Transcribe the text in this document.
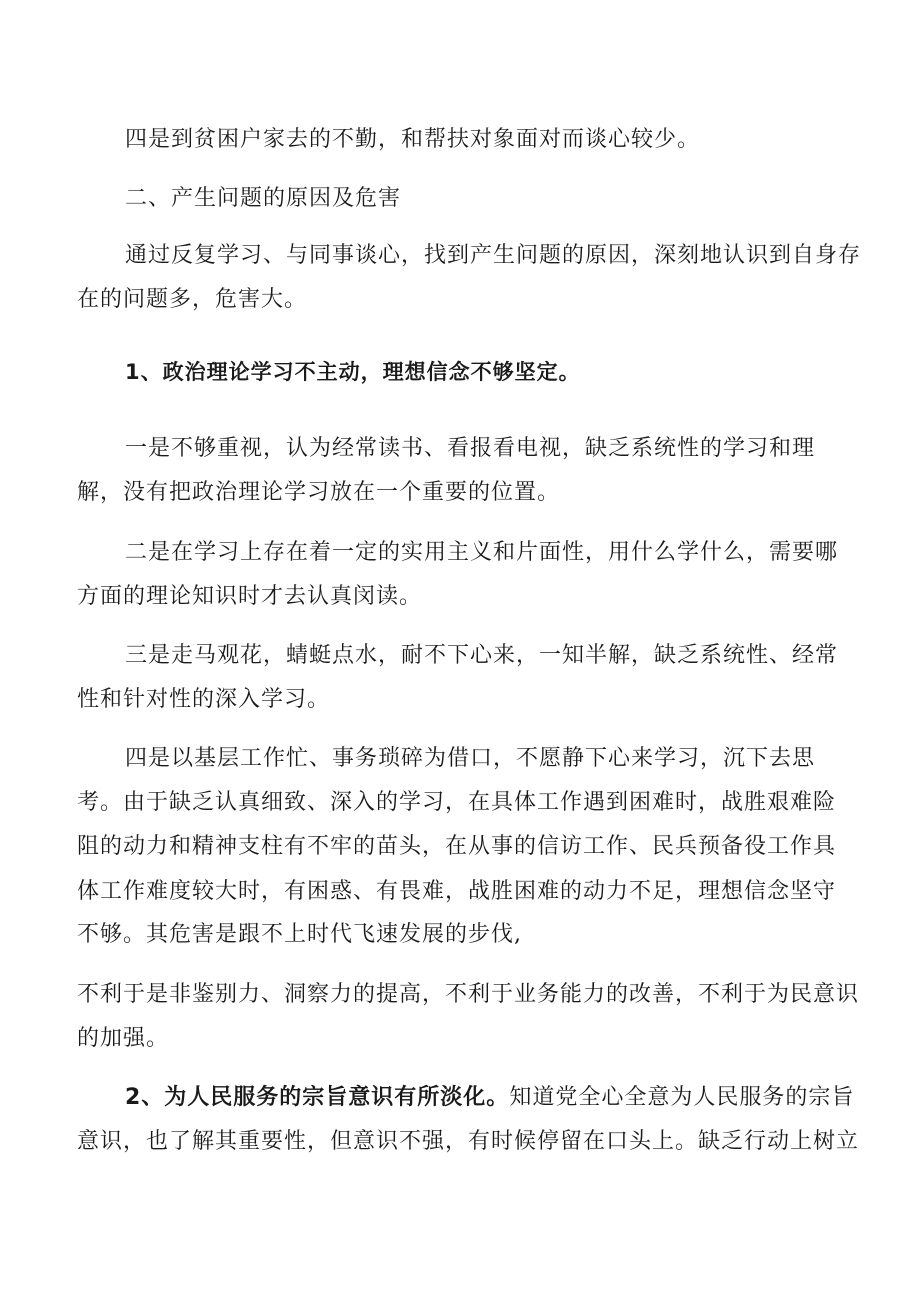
四是到贫困户家去的不勤，和帮扶对象面对而谈心较少。
二、产生问题的原因及危害
通过反复学习、与同事谈心，找到产生问题的原因，深刻地认识到自身存
在的问题多，危害大。
1、政治理论学习不主动，理想信念不够坚定。
一是不够重视，认为经常读书、看报看电视，缺乏系统性的学习和理
解，没有把政治理论学习放在一个重要的位置。
二是在学习上存在着一定的实用主义和片面性，用什么学什么，需要哪
方面的理论知识时才去认真闵读。
三是走马观花，蜻蜓点水，耐不下心来，一知半解，缺乏系统性、经常
性和针对性的深入学习。
四是以基层工作忙、事务琐碎为借口，不愿静下心来学习，沉下去思
考。由于缺乏认真细致、深入的学习，在具体工作遇到困难时，战胜艰难险
阻的动力和精神支柱有不牢的苗头，在从事的信访工作、民兵预备役工作具
体工作难度较大时，有困惑、有畏难，战胜困难的动力不足，理想信念坚守
不够。其危害是跟不上时代飞速发展的步伐,
不利于是非鉴别力、洞察力的提高，不利于业务能力的改善，不利于为民意识
的加强。
2、为人民服务的宗旨意识有所淡化。知道党全心全意为人民服务的宗旨
意识，也了解其重要性，但意识不强，有时候停留在口头上。缺乏行动上树立
